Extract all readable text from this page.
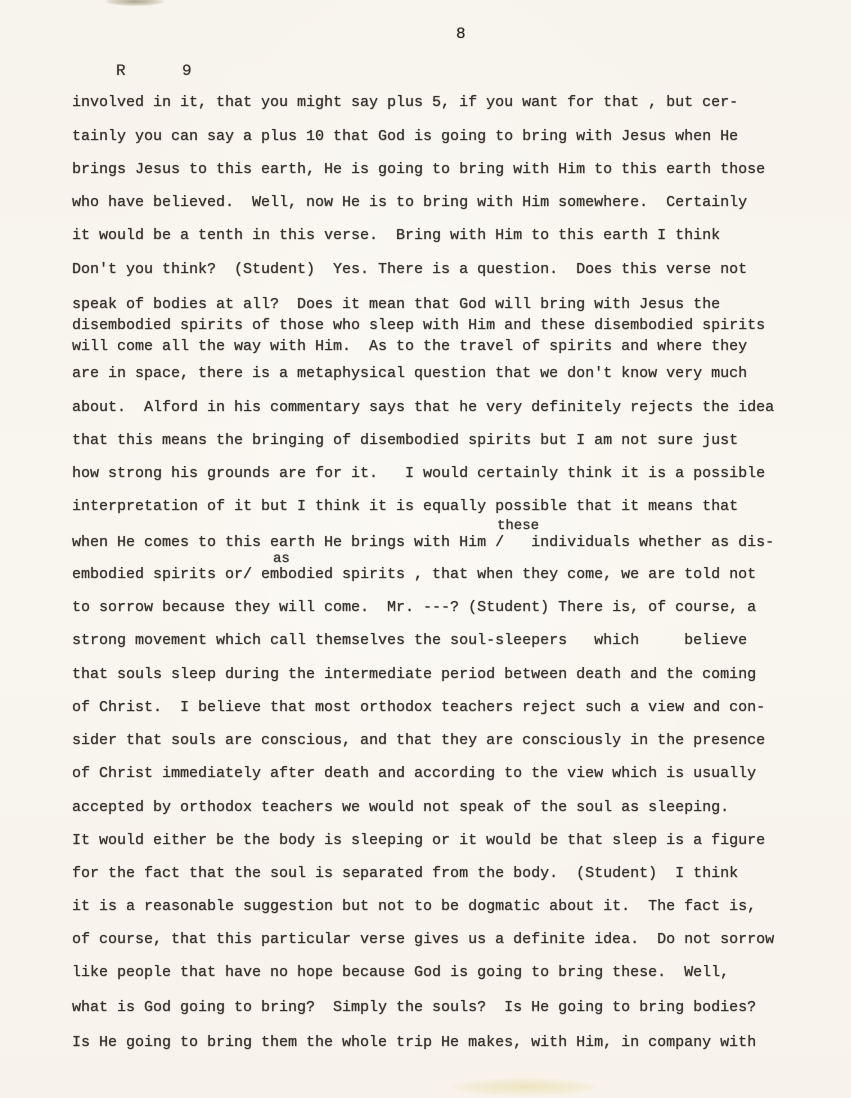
8
R	9
involved in it, that you might say plus 5, if you want for that , but cer-
tainly you can say a plus 10 that God is going to bring with Jesus when He
brings Jesus to this earth, He is going to bring with Him to this earth those
who have believed.  Well, now He is to bring with Him somewhere.  Certainly
it would be a tenth in this verse.  Bring with Him to this earth I think
Don't you think?  (Student)  Yes. There is a question.  Does this verse not
speak of bodies at all?  Does it mean that God will bring with Jesus the
disembodied spirits of those who sleep with Him and these disembodied spirits
will come all the way with Him.  As to the travel of spirits and where they
are in space, there is a metaphysical question that we don't know very much
about.  Alford in his commentary says that he very definitely rejects the idea
that this means the bringing of disembodied spirits but I am not sure just
how strong his grounds are for it.   I would certainly think it is a possible
interpretation of it but I think it is equally possible that it means that
when He comes to this earth He brings with Him /   individuals whether as dis-
embodied spirits or/ embodied spirits , that when they come, we are told not
to sorrow because they will come.  Mr. ---? (Student) There is, of course, a
strong movement which call themselves the soul-sleepers   which     believe
that souls sleep during the intermediate period between death and the coming
of Christ.  I believe that most orthodox teachers reject such a view and con-
sider that souls are conscious, and that they are consciously in the presence
of Christ immediately after death and according to the view which is usually
accepted by orthodox teachers we would not speak of the soul as sleeping.
It would either be the body is sleeping or it would be that sleep is a figure
for the fact that the soul is separated from the body.  (Student)  I think
it is a reasonable suggestion but not to be dogmatic about it.  The fact is,
of course, that this particular verse gives us a definite idea.  Do not sorrow
like people that have no hope because God is going to bring these.  Well,
what is God going to bring?  Simply the souls?  Is He going to bring bodies?
Is He going to bring them the whole trip He makes, with Him, in company with
these
as
